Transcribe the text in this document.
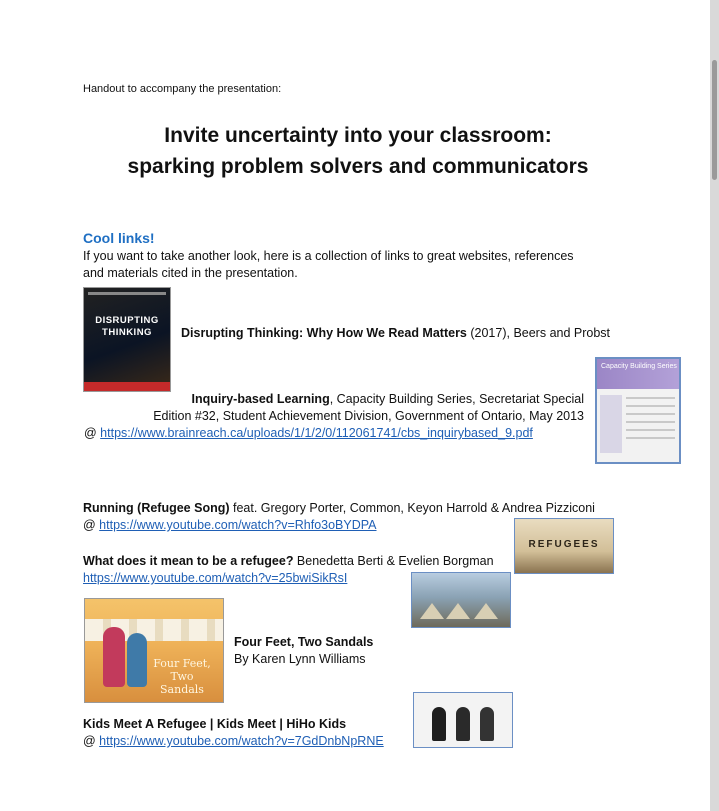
Handout to accompany the presentation:
Invite uncertainty into your classroom:
sparking problem solvers and communicators
Cool links!
If you want to take another look, here is a collection of links to great websites, references
and materials cited in the presentation.
DISRUPTING THINKING	Disrupting Thinking: Why How We Read Matters (2017), Beers and Probst
Capacity Building Series
Inquiry-based Learning, Capacity Building Series, Secretariat Special
Edition #32, Student Achievement Division, Government of Ontario, May 2013
@ https://www.brainreach.ca/uploads/1/1/2/0/112061741/cbs_inquirybased_9.pdf
Running (Refugee Song) feat. Gregory Porter, Common, Keyon Harrold & Andrea Pizziconi
@ https://www.youtube.com/watch?v=Rhfo3oBYDPA
REFUGEES
What does it mean to be a refugee? Benedetta Berti & Evelien Borgman
https://www.youtube.com/watch?v=25bwiSikRsI
Four Feet, Two Sandals
Four Feet, Two Sandals
By Karen Lynn Williams
Kids Meet A Refugee | Kids Meet | HiHo Kids
@ https://www.youtube.com/watch?v=7GdDnbNpRNE
